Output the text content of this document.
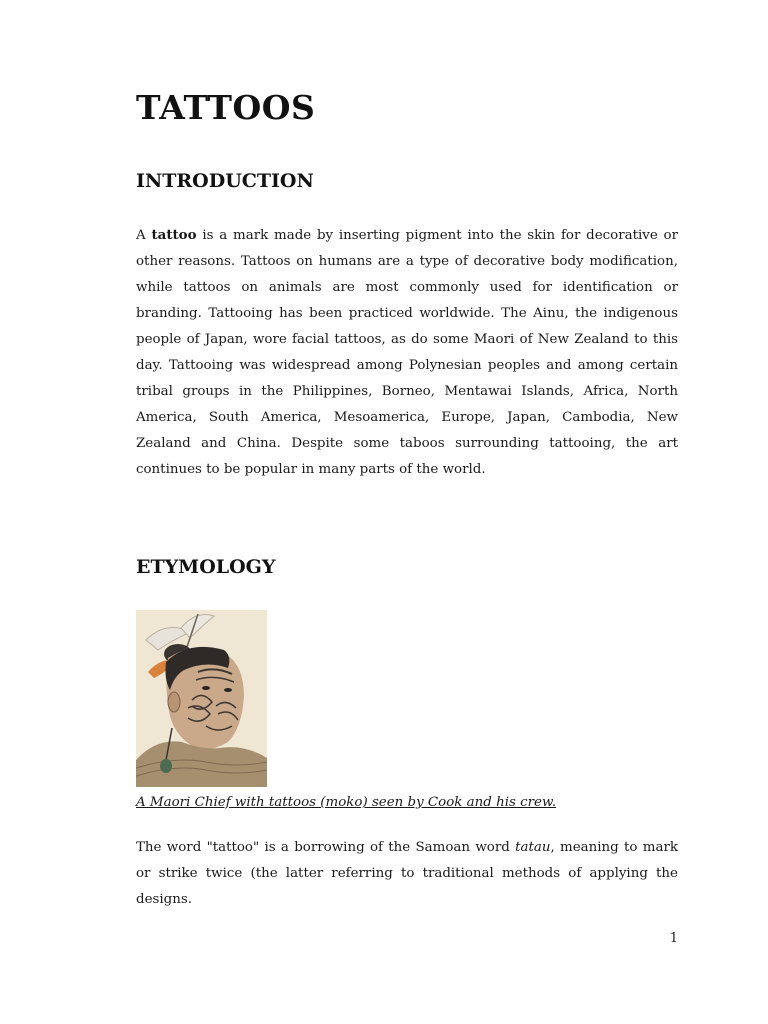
TATTOOS
INTRODUCTION

A tattoo is a mark made by inserting pigment into the skin for decorative or other reasons. Tattoos on humans are a type of decorative body modification, while tattoos on animals are most commonly used for identification or branding. Tattooing has been practiced worldwide. The Ainu, the indigenous people of Japan, wore facial tattoos, as do some Maori of New Zealand to this day. Tattooing was widespread among Polynesian peoples and among certain tribal groups in the Philippines, Borneo, Mentawai Islands, Africa, North America, South America, Mesoamerica, Europe, Japan, Cambodia, New Zealand and China. Despite some taboos surrounding tattooing, the art continues to be popular in many parts of the world.

ETYMOLOGY

A Maori Chief with tattoos (moko) seen by Cook and his crew.

The word "tattoo" is a borrowing of the Samoan word tatau, meaning to mark or strike twice (the latter referring to traditional methods of applying the designs.

1
